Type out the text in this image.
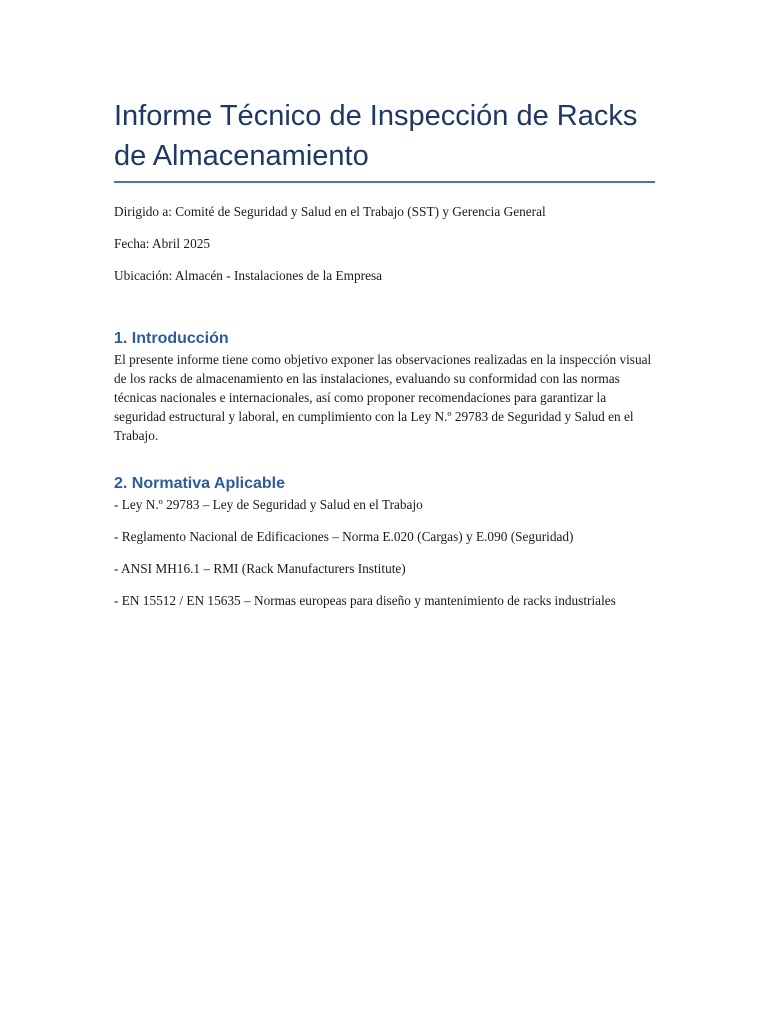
Informe Técnico de Inspección de Racks de Almacenamiento

Dirigido a: Comité de Seguridad y Salud en el Trabajo (SST) y Gerencia General

Fecha: Abril 2025

Ubicación: Almacén - Instalaciones de la Empresa

1. Introducción

El presente informe tiene como objetivo exponer las observaciones realizadas en la inspección visual de los racks de almacenamiento en las instalaciones, evaluando su conformidad con las normas técnicas nacionales e internacionales, así como proponer recomendaciones para garantizar la seguridad estructural y laboral, en cumplimiento con la Ley N.º 29783 de Seguridad y Salud en el Trabajo.

2. Normativa Aplicable

- Ley N.º 29783 – Ley de Seguridad y Salud en el Trabajo

- Reglamento Nacional de Edificaciones – Norma E.020 (Cargas) y E.090 (Seguridad)

- ANSI MH16.1 – RMI (Rack Manufacturers Institute)

- EN 15512 / EN 15635 – Normas europeas para diseño y mantenimiento de racks industriales
